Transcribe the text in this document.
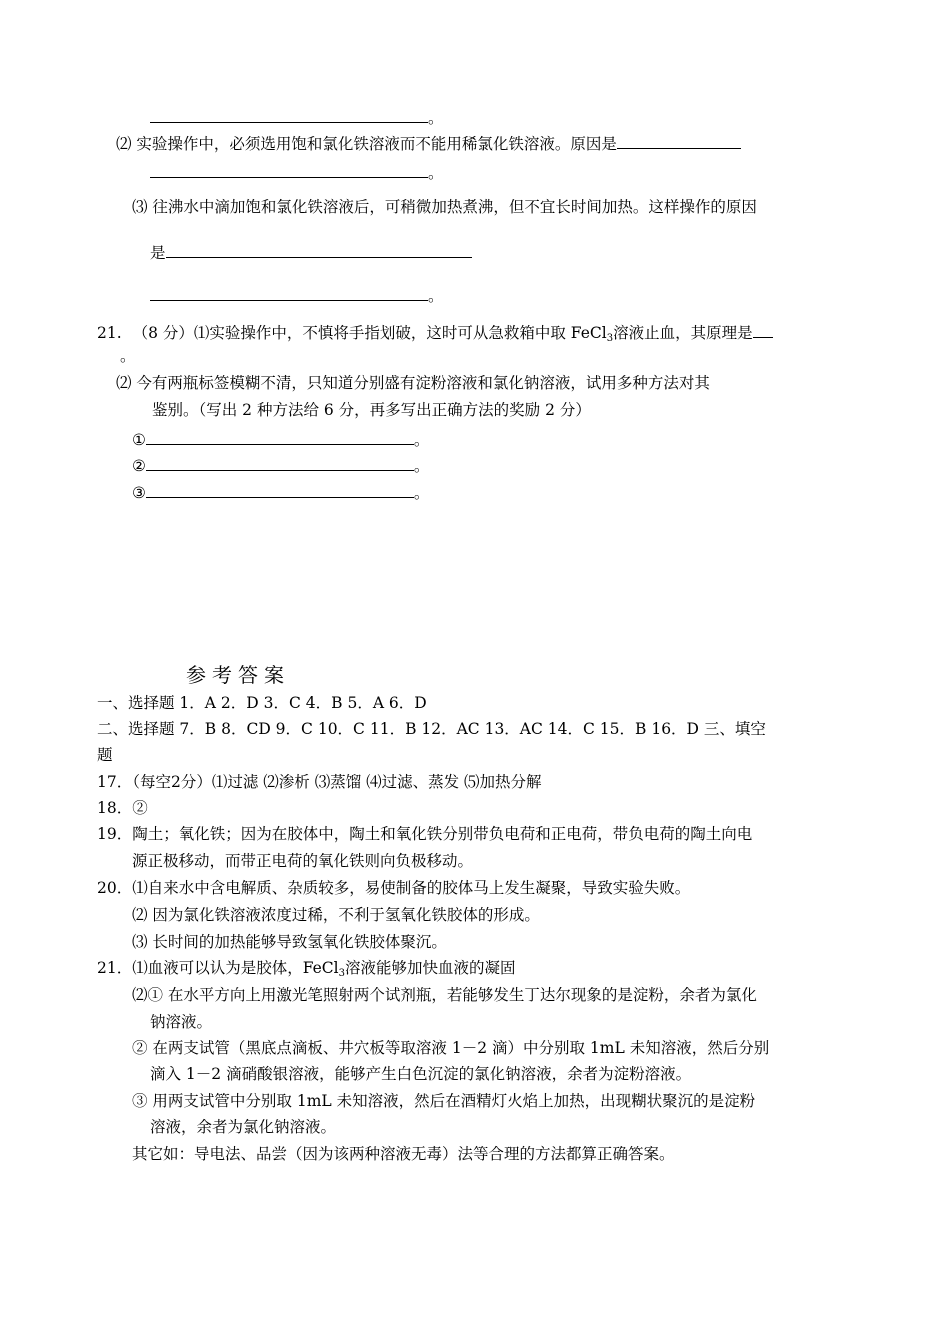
。
⑵ 实验操作中，必须选用饱和氯化铁溶液而不能用稀氯化铁溶液。原因是
。
⑶ 往沸水中滴加饱和氯化铁溶液后，可稍微加热煮沸，但不宜长时间加热。这样操作的原因
是
。
21. （8 分）⑴实验操作中，不慎将手指划破，这时可从急救箱中取 FeCl$_3$溶液止血，其原理是
。
⑵ 今有两瓶标签模糊不清，只知道分别盛有淀粉溶液和氯化钠溶液，试用多种方法对其
鉴别。（写出 2 种方法给 6 分，再多写出正确方法的奖励 2 分）
①	。
②	。
③	。
参考答案
一、选择题 1．A 2．D 3．C 4．B 5．A 6．D
二、选择题 7．B 8．CD 9．C 10．C 11．B 12．AC 13．AC 14．C 15．B 16．D 三、填空
题
17．（每空2分）⑴过滤 ⑵渗析 ⑶蒸馏 ⑷过滤、蒸发 ⑸加热分解
18．②
19．陶土；氧化铁；因为在胶体中，陶土和氧化铁分别带负电荷和正电荷，带负电荷的陶土向电
源正极移动，而带正电荷的氧化铁则向负极移动。
20．⑴自来水中含电解质、杂质较多，易使制备的胶体马上发生凝聚，导致实验失败。
⑵ 因为氯化铁溶液浓度过稀，不利于氢氧化铁胶体的形成。
⑶ 长时间的加热能够导致氢氧化铁胶体聚沉。
21．⑴血液可以认为是胶体，FeCl$_3$溶液能够加快血液的凝固
⑵① 在水平方向上用激光笔照射两个试剂瓶，若能够发生丁达尔现象的是淀粉，余者为氯化
钠溶液。
② 在两支试管（黑底点滴板、井穴板等取溶液 1－2 滴）中分别取 1mL 未知溶液，然后分别
滴入 1－2 滴硝酸银溶液，能够产生白色沉淀的氯化钠溶液，余者为淀粉溶液。
③ 用两支试管中分别取 1mL 未知溶液，然后在酒精灯火焰上加热，出现糊状聚沉的是淀粉
溶液，余者为氯化钠溶液。
其它如：导电法、品尝（因为该两种溶液无毒）法等合理的方法都算正确答案。
